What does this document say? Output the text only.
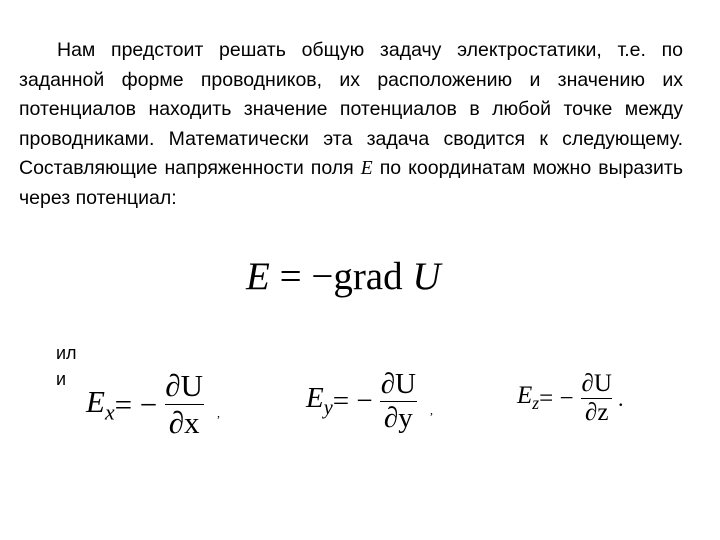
Нам предстоит решать общую задачу электростатики, т.е. по заданной форме проводников, их расположению и значению их потенциалов находить значение потенциалов в любой точке между проводниками. Математически эта задача сводится к следующему. Составляющие напряженности поля E по координатам можно выразить через потенциал:

E = −grad U
ил и
$E_x$ = − $\frac{\partial U}{\partial x}$ ,	$E_y$ = − $\frac{\partial U}{\partial y}$ ,
$E_z$ = − $\frac{\partial U}{\partial z}$ .
